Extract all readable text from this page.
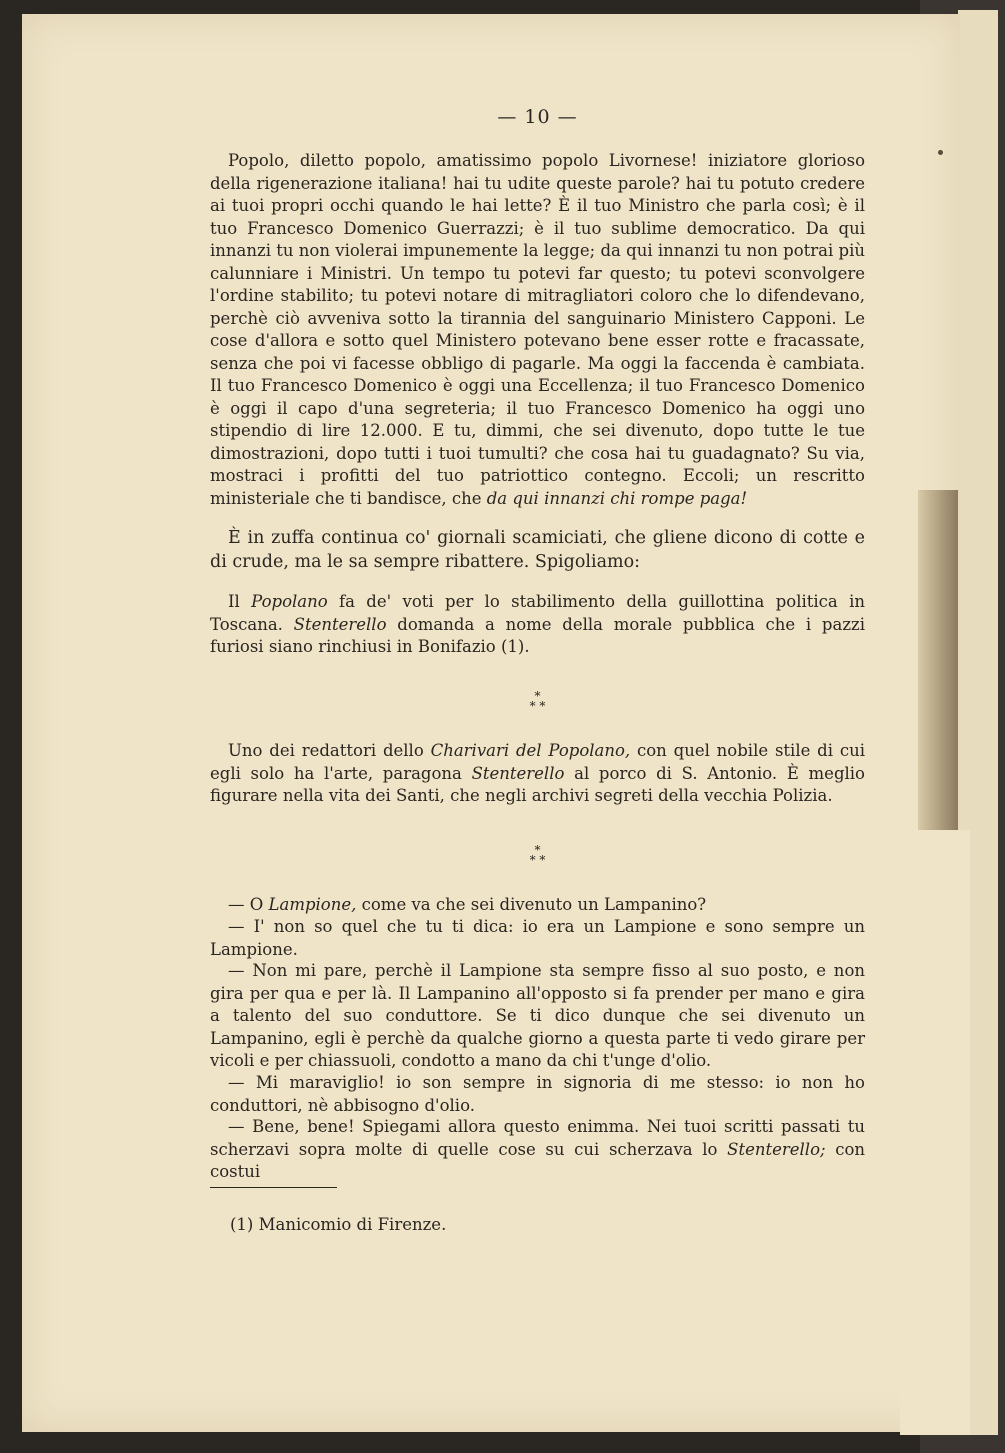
— 10 —

Popolo, diletto popolo, amatissimo popolo Livornese! iniziatore glorioso della rigenerazione italiana! hai tu udite queste parole? hai tu potuto credere ai tuoi propri occhi quando le hai lette? È il tuo Ministro che parla così; è il tuo Francesco Domenico Guerrazzi; è il tuo sublime democratico. Da qui innanzi tu non violerai impunemente la legge; da qui innanzi tu non potrai più calunniare i Ministri. Un tempo tu potevi far questo; tu potevi sconvolgere l'ordine stabilito; tu potevi notare di mitragliatori coloro che lo difendevano, perchè ciò avveniva sotto la tirannia del sanguinario Ministero Capponi. Le cose d'allora e sotto quel Ministero potevano bene esser rotte e fracassate, senza che poi vi facesse obbligo di pagarle. Ma oggi la faccenda è cambiata. Il tuo Francesco Domenico è oggi una Eccellenza; il tuo Francesco Domenico è oggi il capo d'una segreteria; il tuo Francesco Domenico ha oggi uno stipendio di lire 12.000. E tu, dimmi, che sei divenuto, dopo tutte le tue dimostrazioni, dopo tutti i tuoi tumulti? che cosa hai tu guadagnato? Su via, mostraci i profitti del tuo patriottico contegno. Eccoli; un rescritto ministeriale che ti bandisce, che da qui innanzi chi rompe paga!

È in zuffa continua co' giornali scamiciati, che gliene dicono di cotte e di crude, ma le sa sempre ribattere. Spigoliamo:

Il Popolano fa de' voti per lo stabilimento della guillottina politica in Toscana. Stenterello domanda a nome della morale pubblica che i pazzi furiosi siano rinchiusi in Bonifazio (1).

*
* *

Uno dei redattori dello Charivari del Popolano, con quel nobile stile di cui egli solo ha l'arte, paragona Stenterello al porco di S. Antonio. È meglio figurare nella vita dei Santi, che negli archivi segreti della vecchia Polizia.

*
* *

— O Lampione, come va che sei divenuto un Lampanino?

— I' non so quel che tu ti dica: io era un Lampione e sono sempre un Lampione.

— Non mi pare, perchè il Lampione sta sempre fisso al suo posto, e non gira per qua e per là. Il Lampanino all'opposto si fa prender per mano e gira a talento del suo conduttore. Se ti dico dunque che sei divenuto un Lampanino, egli è perchè da qualche giorno a questa parte ti vedo girare per vicoli e per chiassuoli, condotto a mano da chi t'unge d'olio.

— Mi maraviglio! io son sempre in signoria di me stesso: io non ho conduttori, nè abbisogno d'olio.

— Bene, bene! Spiegami allora questo enimma. Nei tuoi scritti passati tu scherzavi sopra molte di quelle cose su cui scherzava lo Stenterello; con costui

(1) Manicomio di Firenze.
